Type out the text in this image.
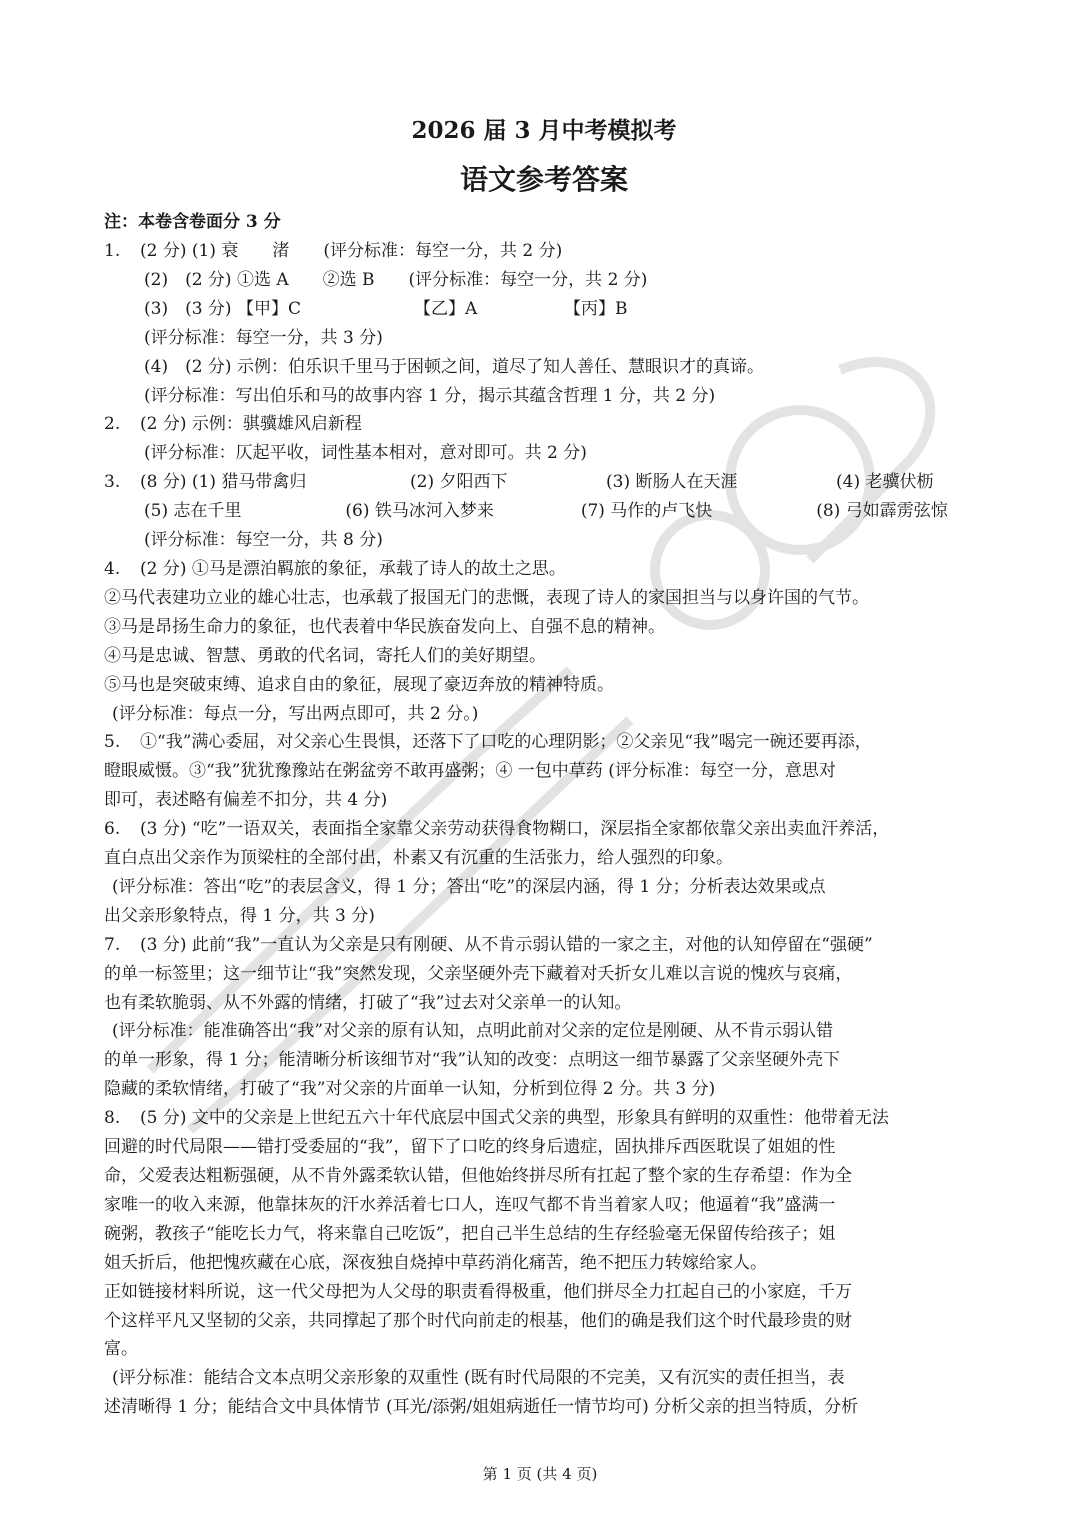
2026 届 3 月中考模拟考
语文参考答案
注：本卷含卷面分 3 分
1.	(2 分) (1) 衰　　渚　　(评分标准：每空一分，共 2 分)
(2)　(2 分) ①选 A　　②选 B　　(评分标准：每空一分，共 2 分)
(3)　(3 分) 【甲】C	【乙】A	【丙】B
(评分标准：每空一分，共 3 分)
(4)　(2 分) 示例：伯乐识千里马于困顿之间，道尽了知人善任、慧眼识才的真谛。
(评分标准：写出伯乐和马的故事内容 1 分，揭示其蕴含哲理 1 分，共 2 分)
2.	(2 分) 示例：骐骥雄风启新程
(评分标准：仄起平收，词性基本相对，意对即可。共 2 分)
3.	(8 分) (1) 猎马带禽归	(2) 夕阳西下	(3) 断肠人在天涯	(4) 老骥伏枥
(5) 志在千里	(6) 铁马冰河入梦来	(7) 马作的卢飞快	(8) 弓如霹雳弦惊
(评分标准：每空一分，共 8 分)
4.	(2 分) ①马是漂泊羁旅的象征，承载了诗人的故土之思。
②马代表建功立业的雄心壮志，也承载了报国无门的悲慨，表现了诗人的家国担当与以身许国的气节。
③马是昂扬生命力的象征，也代表着中华民族奋发向上、自强不息的精神。
④马是忠诚、智慧、勇敢的代名词，寄托人们的美好期望。
⑤马也是突破束缚、追求自由的象征，展现了豪迈奔放的精神特质。
(评分标准：每点一分，写出两点即可，共 2 分。)
5.	①“我”满心委屈，对父亲心生畏惧，还落下了口吃的心理阴影；②父亲见“我”喝完一碗还要再添，
瞪眼威慑。③“我”犹犹豫豫站在粥盆旁不敢再盛粥；④ 一包中草药 (评分标准：每空一分，意思对
即可，表述略有偏差不扣分，共 4 分)
6.	(3 分) “吃”一语双关，表面指全家靠父亲劳动获得食物糊口，深层指全家都依靠父亲出卖血汗养活，
直白点出父亲作为顶梁柱的全部付出，朴素又有沉重的生活张力，给人强烈的印象。
(评分标准：答出“吃”的表层含义，得 1 分；答出“吃”的深层内涵，得 1 分；分析表达效果或点
出父亲形象特点，得 1 分，共 3 分)
7.	(3 分) 此前“我”一直认为父亲是只有刚硬、从不肯示弱认错的一家之主，对他的认知停留在“强硬”
的单一标签里；这一细节让“我”突然发现，父亲坚硬外壳下藏着对夭折女儿难以言说的愧疚与哀痛，
也有柔软脆弱、从不外露的情绪，打破了“我”过去对父亲单一的认知。
(评分标准：能准确答出“我”对父亲的原有认知，点明此前对父亲的定位是刚硬、从不肯示弱认错
的单一形象，得 1 分；能清晰分析该细节对“我”认知的改变：点明这一细节暴露了父亲坚硬外壳下
隐藏的柔软情绪，打破了“我”对父亲的片面单一认知，分析到位得 2 分。共 3 分)
8.	(5 分) 文中的父亲是上世纪五六十年代底层中国式父亲的典型，形象具有鲜明的双重性：他带着无法
回避的时代局限——错打受委屈的“我”，留下了口吃的终身后遗症，固执排斥西医耽误了姐姐的性
命，父爱表达粗粝强硬，从不肯外露柔软认错，但他始终拼尽所有扛起了整个家的生存希望：作为全
家唯一的收入来源，他靠抹灰的汗水养活着七口人，连叹气都不肯当着家人叹；他逼着“我”盛满一
碗粥，教孩子“能吃长力气，将来靠自己吃饭”，把自己半生总结的生存经验毫无保留传给孩子；姐
姐夭折后，他把愧疚藏在心底，深夜独自烧掉中草药消化痛苦，绝不把压力转嫁给家人。
正如链接材料所说，这一代父母把为人父母的职责看得极重，他们拼尽全力扛起自己的小家庭，千万
个这样平凡又坚韧的父亲，共同撑起了那个时代向前走的根基，他们的确是我们这个时代最珍贵的财
富。
(评分标准：能结合文本点明父亲形象的双重性 (既有时代局限的不完美，又有沉实的责任担当，表
述清晰得 1 分；能结合文中具体情节 (耳光/添粥/姐姐病逝任一情节均可) 分析父亲的担当特质，分析
第 1 页 (共 4 页)
